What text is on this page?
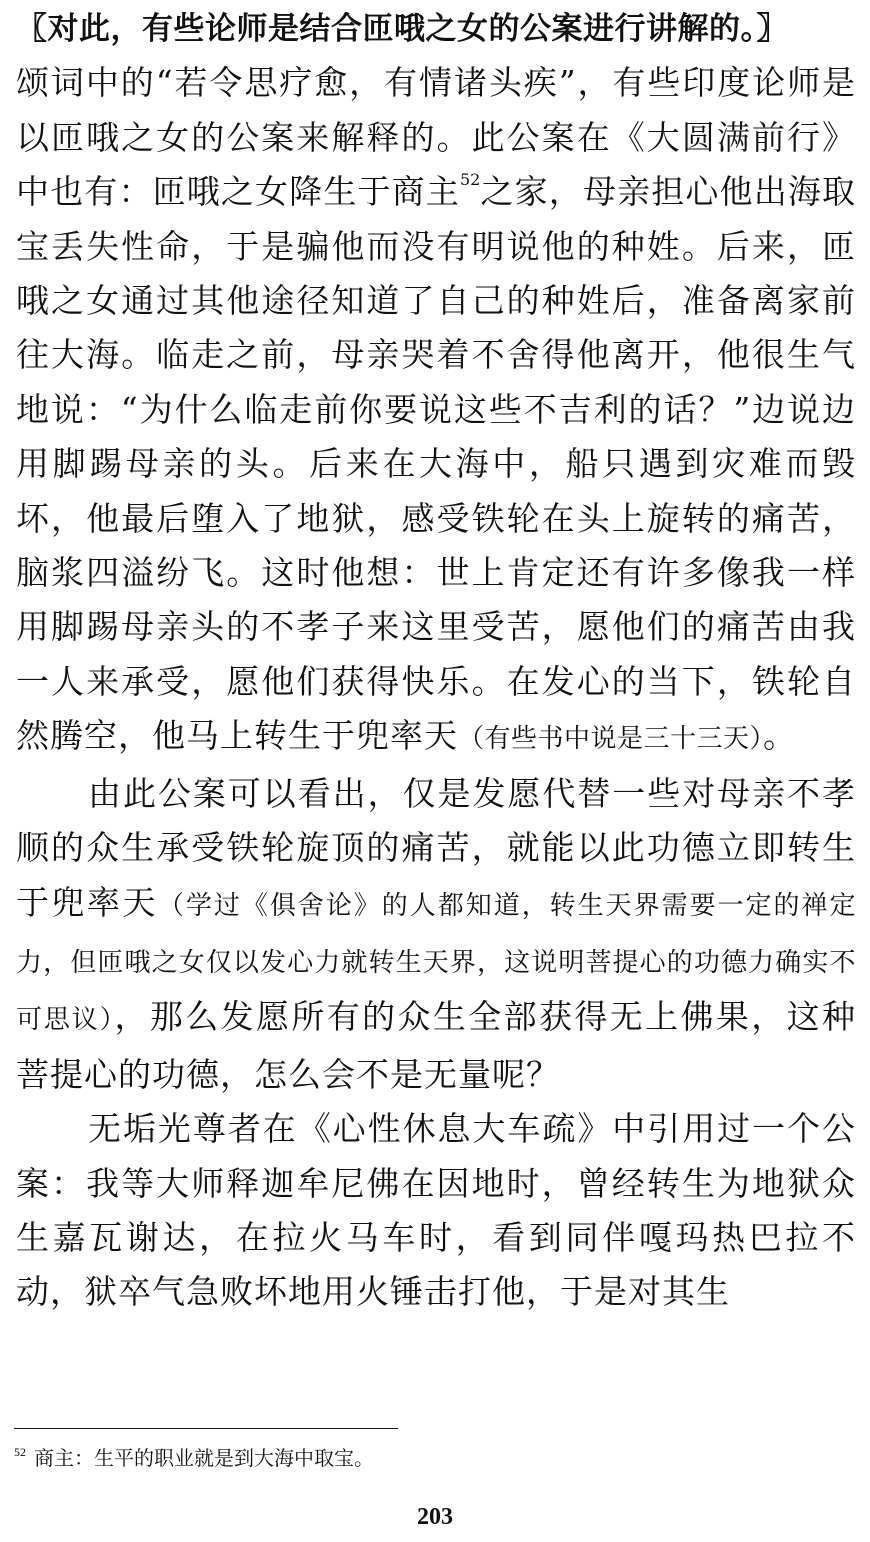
〖对此，有些论师是结合匝哦之女的公案进行讲解的。〗

颂词中的“若令思疗愈，有情诸头疾”，有些印度论师是以匝哦之女的公案来解释的。此公案在《大圆满前行》中也有：匝哦之女降生于商主$^{52}$之家，母亲担心他出海取宝丢失性命，于是骗他而没有明说他的种姓。后来，匝哦之女通过其他途径知道了自己的种姓后，准备离家前往大海。临走之前，母亲哭着不舍得他离开，他很生气地说：“为什么临走前你要说这些不吉利的话？”边说边用脚踢母亲的头。后来在大海中，船只遇到灾难而毁坏，他最后堕入了地狱，感受铁轮在头上旋转的痛苦，脑浆四溢纷飞。这时他想：世上肯定还有许多像我一样用脚踢母亲头的不孝子来这里受苦，愿他们的痛苦由我一人来承受，愿他们获得快乐。在发心的当下，铁轮自然腾空，他马上转生于兜率天（有些书中说是三十三天）。

由此公案可以看出，仅是发愿代替一些对母亲不孝顺的众生承受铁轮旋顶的痛苦，就能以此功德立即转生于兜率天（学过《俱舍论》的人都知道，转生天界需要一定的禅定力，但匝哦之女仅以发心力就转生天界，这说明菩提心的功德力确实不可思议），那么发愿所有的众生全部获得无上佛果，这种菩提心的功德，怎么会不是无量呢？

无垢光尊者在《心性休息大车疏》中引用过一个公案：我等大师释迦牟尼佛在因地时，曾经转生为地狱众生嘉瓦谢达，在拉火马车时，看到同伴嘎玛热巴拉不动，狱卒气急败坏地用火锤击打他，于是对其生

$^{52}$ 商主：生平的职业就是到大海中取宝。
203
